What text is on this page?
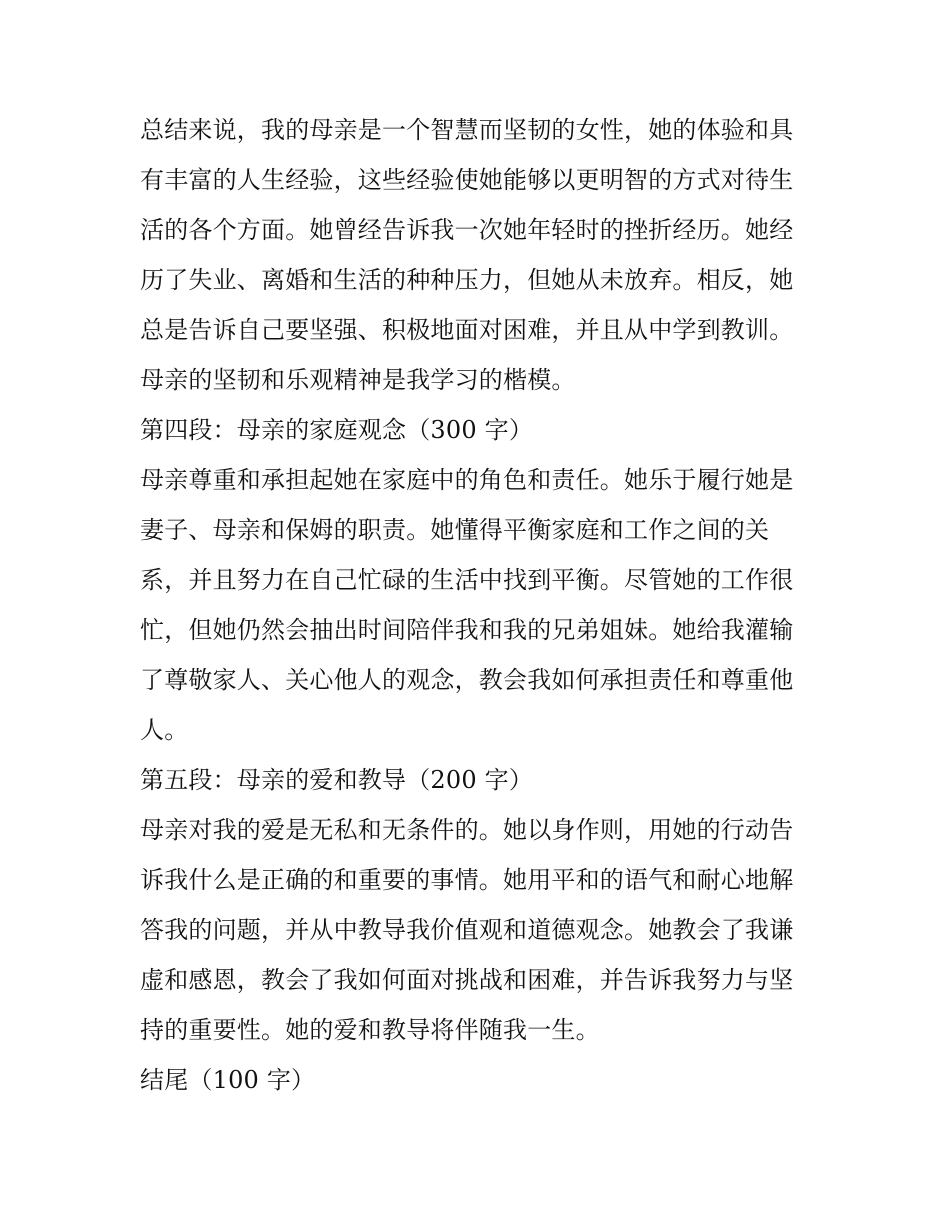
总结来说，我的母亲是一个智慧而坚韧的女性，她的体验和具
有丰富的人生经验，这些经验使她能够以更明智的方式对待生
活的各个方面。她曾经告诉我一次她年轻时的挫折经历。她经
历了失业、离婚和生活的种种压力，但她从未放弃。相反，她
总是告诉自己要坚强、积极地面对困难，并且从中学到教训。
母亲的坚韧和乐观精神是我学习的楷模。
第四段：母亲的家庭观念（300 字）
母亲尊重和承担起她在家庭中的角色和责任。她乐于履行她是
妻子、母亲和保姆的职责。她懂得平衡家庭和工作之间的关
系，并且努力在自己忙碌的生活中找到平衡。尽管她的工作很
忙，但她仍然会抽出时间陪伴我和我的兄弟姐妹。她给我灌输
了尊敬家人、关心他人的观念，教会我如何承担责任和尊重他
人。
第五段：母亲的爱和教导（200 字）
母亲对我的爱是无私和无条件的。她以身作则，用她的行动告
诉我什么是正确的和重要的事情。她用平和的语气和耐心地解
答我的问题，并从中教导我价值观和道德观念。她教会了我谦
虚和感恩，教会了我如何面对挑战和困难，并告诉我努力与坚
持的重要性。她的爱和教导将伴随我一生。
结尾（100 字）
